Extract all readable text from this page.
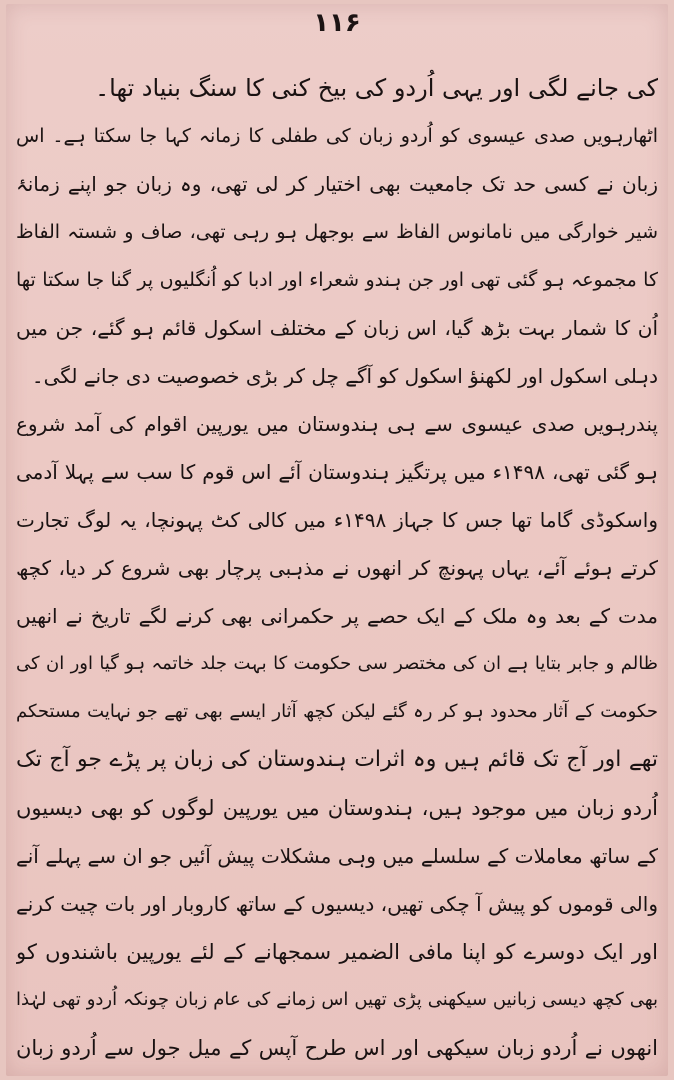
۱۱۶
کی جانے لگی اور یہی اُردو کی بیخ کنی کا سنگ بنیاد تھا۔
اٹھارہویں صدی عیسوی کو اُردو زبان کی طفلی کا زمانہ کہا جا سکتا ہے۔ اس
زبان نے کسی حد تک جامعیت بھی اختیار کر لی تھی، وہ زبان جو اپنے زمانۂ
شیر خوارگی میں نامانوس الفاظ سے بوجھل ہو رہی تھی، صاف و شستہ الفاظ
کا مجموعہ ہو گئی تھی اور جن ہندو شعراء اور ادبا کو اُنگلیوں پر گنا جا سکتا تھا
اُن کا شمار بہت بڑھ گیا، اس زبان کے مختلف اسکول قائم ہو گئے، جن میں
دہلی اسکول اور لکھنؤ اسکول کو آگے چل کر بڑی خصوصیت دی جانے لگی۔
پندرہویں صدی عیسوی سے ہی ہندوستان میں یورپین اقوام کی آمد شروع
ہو گئی تھی، ۱۴۹۸ء میں پرتگیز ہندوستان آئے اس قوم کا سب سے پہلا آدمی
واسکوڈی گاما تھا جس کا جہاز ۱۴۹۸ء میں کالی کٹ پہونچا، یہ لوگ تجارت
کرتے ہوئے آئے، یہاں پہونچ کر انھوں نے مذہبی پرچار بھی شروع کر دیا، کچھ
مدت کے بعد وہ ملک کے ایک حصے پر حکمرانی بھی کرنے لگے تاریخ نے انھیں
ظالم و جابر بتایا ہے ان کی مختصر سی حکومت کا بہت جلد خاتمہ ہو گیا اور ان کی
حکومت کے آثار محدود ہو کر رہ گئے لیکن کچھ آثار ایسے بھی تھے جو نہایت مستحکم
تھے اور آج تک قائم ہیں وہ اثرات ہندوستان کی زبان پر پڑے جو آج تک
اُردو زبان میں موجود ہیں، ہندوستان میں یورپین لوگوں کو بھی دیسیوں
کے ساتھ معاملات کے سلسلے میں وہی مشکلات پیش آئیں جو ان سے پہلے آنے
والی قوموں کو پیش آ چکی تھیں، دیسیوں کے ساتھ کاروبار اور بات چیت کرنے
اور ایک دوسرے کو اپنا مافی الضمیر سمجھانے کے لئے یورپین باشندوں کو
بھی کچھ دیسی زبانیں سیکھنی پڑی تھیں اس زمانے کی عام زبان چونکہ اُردو تھی لہٰذا
انھوں نے اُردو زبان سیکھی اور اس طرح آپس کے میل جول سے اُردو زبان
